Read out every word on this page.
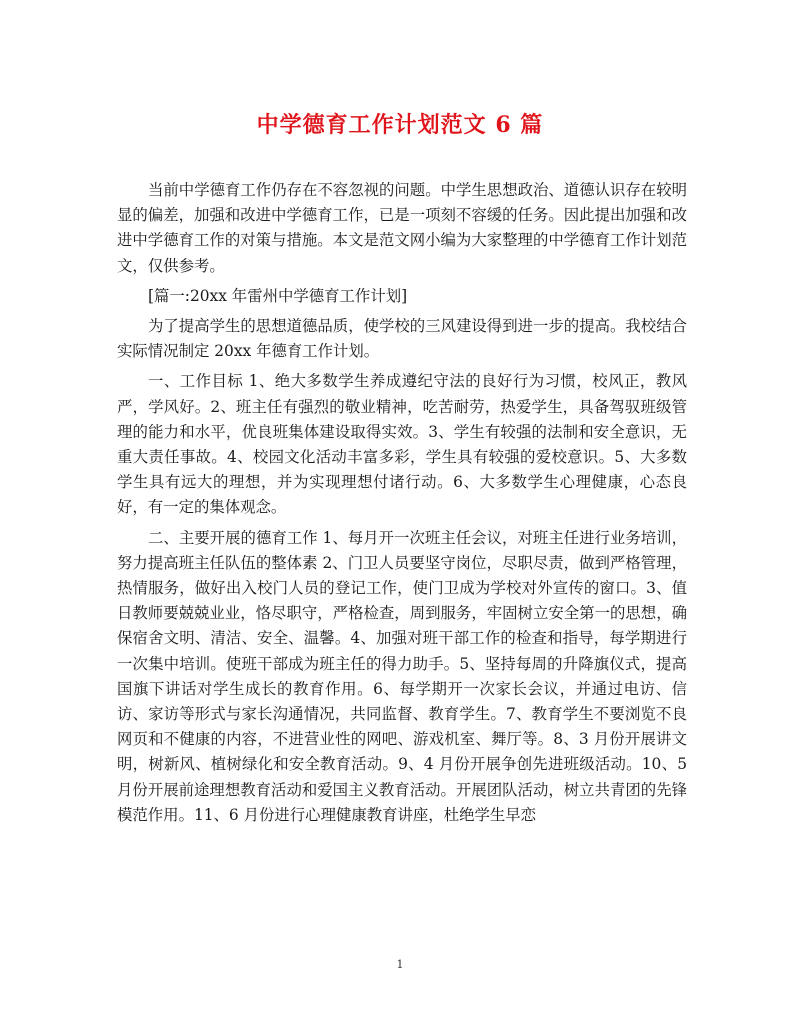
中学德育工作计划范文 6 篇

当前中学德育工作仍存在不容忽视的问题。中学生思想政治、道德认识存在较明显的偏差，加强和改进中学德育工作，已是一项刻不容缓的任务。因此提出加强和改进中学德育工作的对策与措施。本文是范文网小编为大家整理的中学德育工作计划范文，仅供参考。

[篇一:20xx 年雷州中学德育工作计划]

为了提高学生的思想道德品质，使学校的三风建设得到进一步的提高。我校结合实际情况制定 20xx 年德育工作计划。

一、工作目标 1、绝大多数学生养成遵纪守法的良好行为习惯，校风正，教风严，学风好。2、班主任有强烈的敬业精神，吃苦耐劳，热爱学生，具备驾驭班级管理的能力和水平，优良班集体建设取得实效。3、学生有较强的法制和安全意识，无重大责任事故。4、校园文化活动丰富多彩，学生具有较强的爱校意识。5、大多数学生具有远大的理想，并为实现理想付诸行动。6、大多数学生心理健康，心态良好，有一定的集体观念。

二、主要开展的德育工作 1、每月开一次班主任会议，对班主任进行业务培训，努力提高班主任队伍的整体素 2、门卫人员要坚守岗位，尽职尽责，做到严格管理，热情服务，做好出入校门人员的登记工作，使门卫成为学校对外宣传的窗口。3、值日教师要兢兢业业，恪尽职守，严格检查，周到服务，牢固树立安全第一的思想，确保宿舍文明、清洁、安全、温馨。4、加强对班干部工作的检查和指导，每学期进行一次集中培训。使班干部成为班主任的得力助手。5、坚持每周的升降旗仪式，提高国旗下讲话对学生成长的教育作用。6、每学期开一次家长会议，并通过电访、信访、家访等形式与家长沟通情况，共同监督、教育学生。7、教育学生不要浏览不良网页和不健康的内容，不进营业性的网吧、游戏机室、舞厅等。8、3 月份开展讲文明，树新风、植树绿化和安全教育活动。9、4 月份开展争创先进班级活动。10、5 月份开展前途理想教育活动和爱国主义教育活动。开展团队活动，树立共青团的先锋模范作用。11、6 月份进行心理健康教育讲座，杜绝学生早恋

1
